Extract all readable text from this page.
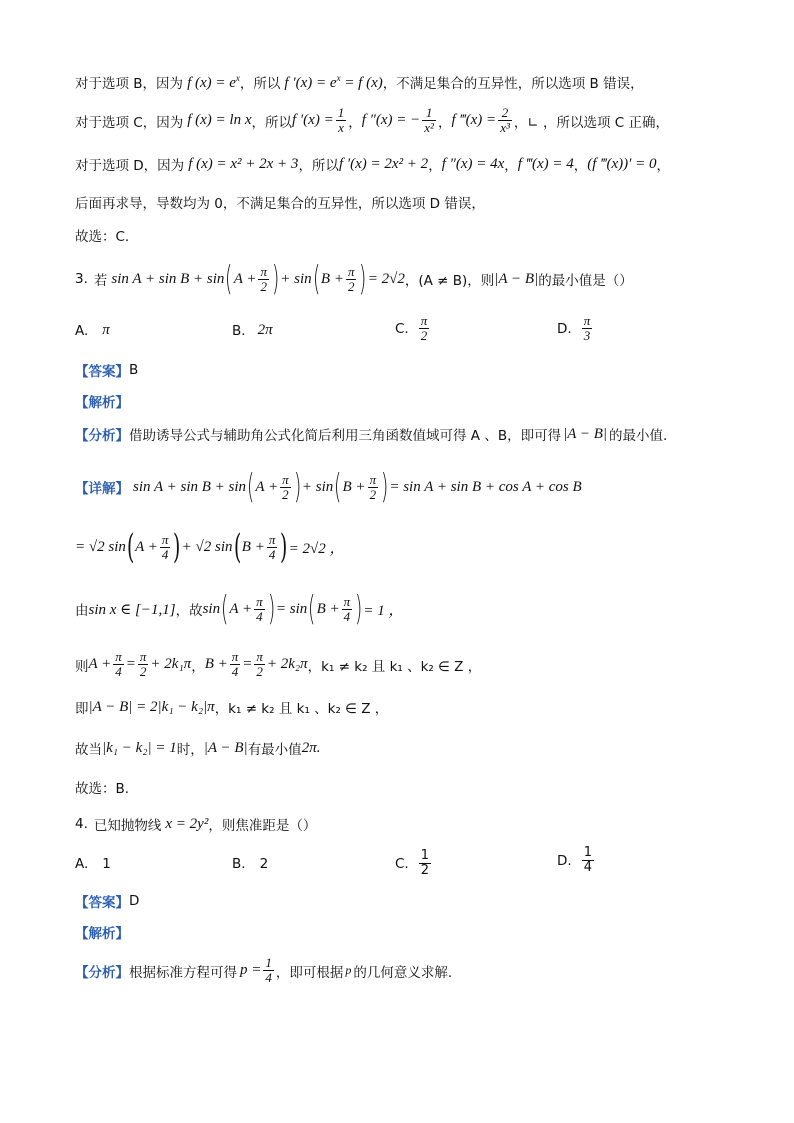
对于选项 B，因为 f $(x) = e^x$ ，所以 f $'(x) = e^x = f$ (x) ，不满足集合的互异性，所以选项 B 错误，
对于选项 C，因为 f (x) = ln x ，所以 f $'(x) = \frac{1}{x}$ ， f ″(x) = − $\frac{1}{\text{x²}}$ ， f ‴(x) = $\frac{2}{\text{x³}}$ ，∟ ，所以选项 C 正确，
对于选项 D，因为 f (x) = x² + 2x + 3 ，所以 f ′(x) = 2x² + 2 ， f ″(x) = 4x ， f ‴(x) = 4 ， (f ‴(x))′ = 0 ，
后面再求导，导数均为 0，不满足集合的互异性，所以选项 D 错误，
故选：C.
3. 若 sin A + sin B + sin ( $A + \frac{\pi}{2}$ ) + sin ( $B + \frac{\pi}{2}$ ) = 2√2 ，(A ≠ B)，则 |A − B| 的最小值是（）
A. π	B. 2π	C. $\frac{\pi}{2}$	D. $\frac{\pi}{3}$
【答案】 B
【解析】
【分析】 借助诱导公式与辅助角公式化简后利用三角函数值域可得 A 、B，即可得 |A − B| 的最小值.
【详解】 sin A + sin B + sin ( $A + \frac{\pi}{2}$ ) + sin ( $B + \frac{\pi}{2}$ ) = sin A + sin B + cos A + cos B
= √2 sin ( $A + \frac{\pi}{4}$ ) + √2 sin ( $B + \frac{\pi}{4}$ ) = 2√2 ，
由 sin x ∈ [−1,1] ，故 sin ( $A + \frac{\pi}{4}$ ) = sin ( $B + \frac{\pi}{4}$ ) = 1 ，
则 $A + \frac{\pi}{4} = \frac{\pi}{2} + 2k_1\pi$ ， $B + \frac{\pi}{4} = \frac{\pi}{2} + 2k_2\pi$ ，k₁ ≠ k₂ 且 k₁ 、k₂ ∈ Z ，
即 |A − B| = 2|k₁ − k₂|π ，k₁ ≠ k₂ 且 k₁ 、k₂ ∈ Z ，
故当 |k₁ − k₂| = 1 时， |A − B| 有最小值 2π.
故选：B.
4. 已知抛物线 x = 2y² ，则焦准距是（）
A. 1	B. 2	C. $\frac{1}{2}$	D. $\frac{1}{4}$
【答案】 D
【解析】
【分析】 根据标准方程可得 $p = \frac{1}{4}$ ，即可根据 p 的几何意义求解.
